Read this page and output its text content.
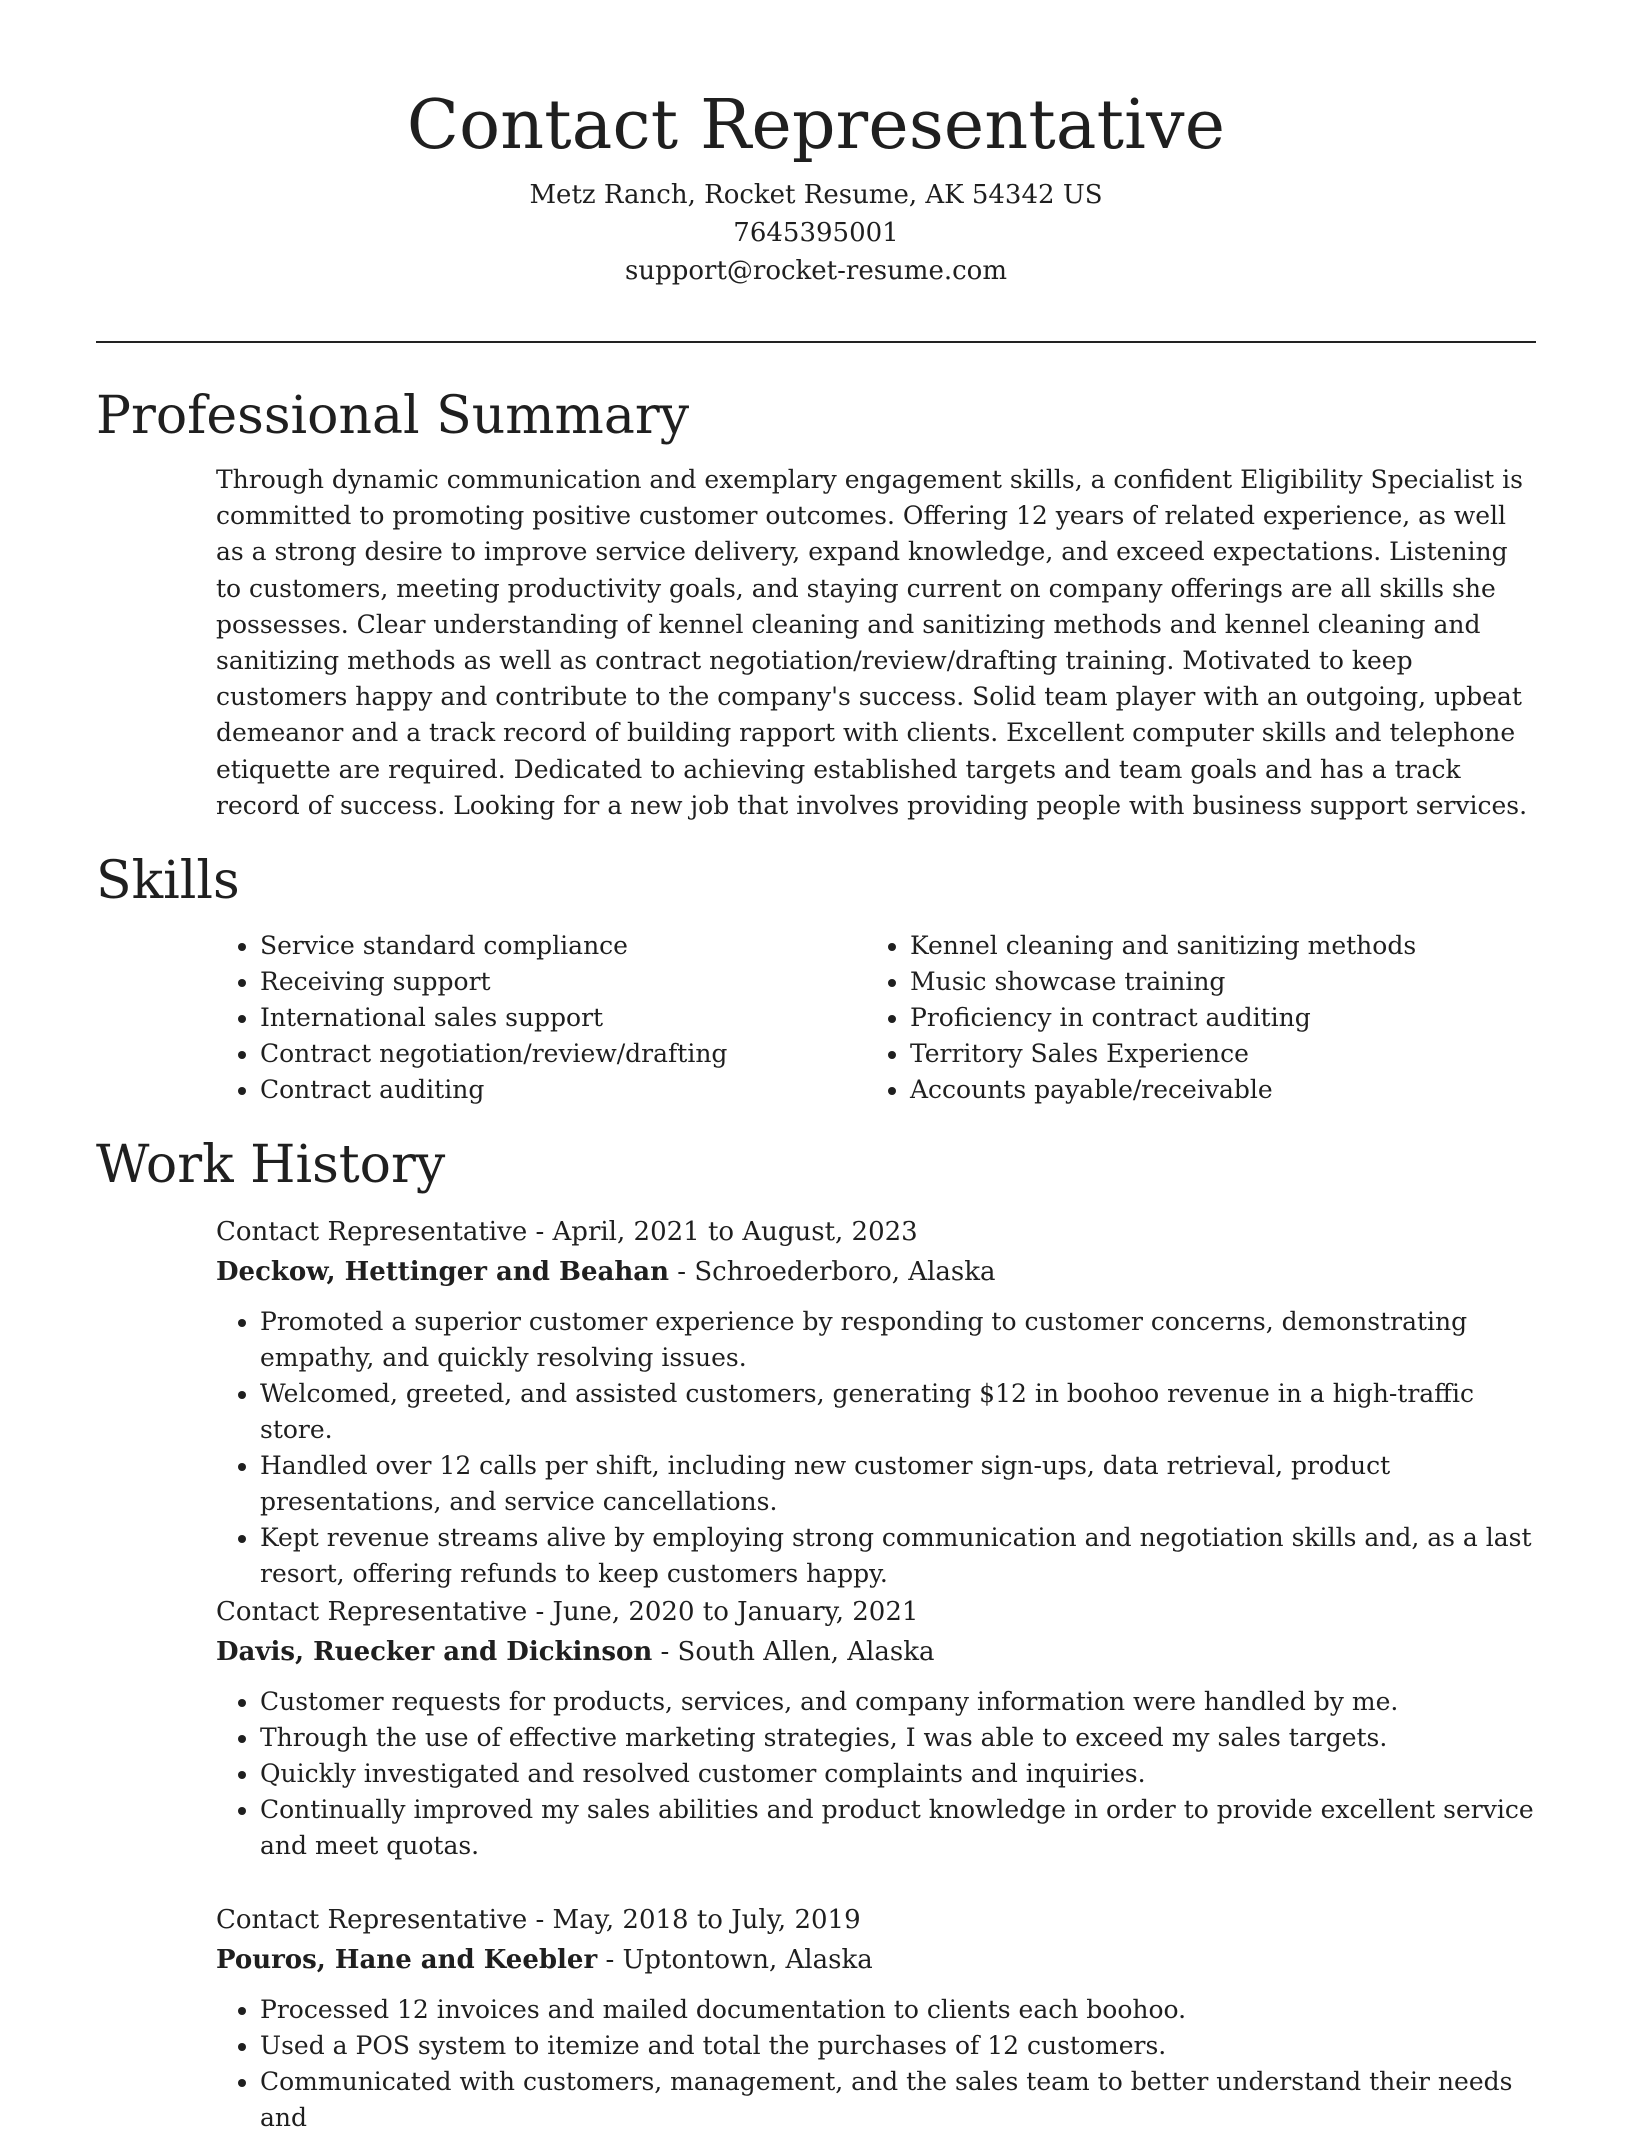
Contact Representative
Metz Ranch, Rocket Resume, AK 54342 US
7645395001
support@rocket-resume.com
Professional Summary

Through dynamic communication and exemplary engagement skills, a confident Eligibility Specialist is committed to promoting positive customer outcomes. Offering 12 years of related experience, as well as a strong desire to improve service delivery, expand knowledge, and exceed expectations. Listening to customers, meeting productivity goals, and staying current on company offerings are all skills she possesses. Clear understanding of kennel cleaning and sanitizing methods and kennel cleaning and sanitizing methods as well as contract negotiation/review/drafting training. Motivated to keep customers happy and contribute to the company's success. Solid team player with an outgoing, upbeat demeanor and a track record of building rapport with clients. Excellent computer skills and telephone etiquette are required. Dedicated to achieving established targets and team goals and has a track record of success. Looking for a new job that involves providing people with business support services.

Skills
• Service standard compliance
• Receiving support
• International sales support
• Contract negotiation/review/drafting
• Contract auditing
• Kennel cleaning and sanitizing methods
• Music showcase training
• Proficiency in contract auditing
• Territory Sales Experience
• Accounts payable/receivable
Work History
Contact Representative - April, 2021 to August, 2023
Deckow, Hettinger and Beahan - Schroederboro, Alaska
• Promoted a superior customer experience by responding to customer concerns, demonstrating empathy, and quickly resolving issues.
• Welcomed, greeted, and assisted customers, generating $12 in boohoo revenue in a high-traffic store.
• Handled over 12 calls per shift, including new customer sign-ups, data retrieval, product presentations, and service cancellations.
• Kept revenue streams alive by employing strong communication and negotiation skills and, as a last resort, offering refunds to keep customers happy.
Contact Representative - June, 2020 to January, 2021
Davis, Ruecker and Dickinson - South Allen, Alaska
• Customer requests for products, services, and company information were handled by me.
• Through the use of effective marketing strategies, I was able to exceed my sales targets.
• Quickly investigated and resolved customer complaints and inquiries.
• Continually improved my sales abilities and product knowledge in order to provide excellent service and meet quotas.
Contact Representative - May, 2018 to July, 2019
Pouros, Hane and Keebler - Uptontown, Alaska
• Processed 12 invoices and mailed documentation to clients each boohoo.
• Used a POS system to itemize and total the purchases of 12 customers.
• Communicated with customers, management, and the sales team to better understand their needs and
